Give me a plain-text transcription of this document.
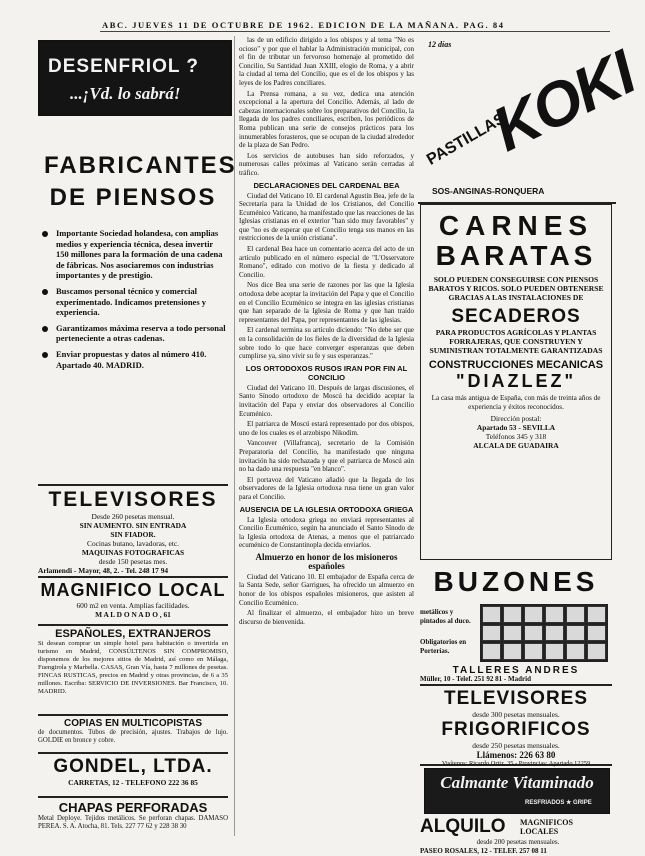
ABC. JUEVES 11 DE OCTUBRE DE 1962. EDICION DE LA MAÑANA. PAG. 84
DESENFRIOL ?
...¡Vd. lo sabrá!
FABRICANTES DE PIENSOS
Importante Sociedad holandesa, con amplias medios y experiencia técnica, desea invertir 150 millones para la formación de una cadena de fábricas. Nos asociaremos con industrias importantes y de prestigio.
Buscamos personal técnico y comercial experimentado. Indicamos pretensiones y experiencia.
Garantizamos máxima reserva a todo personal perteneciente a otras cadenas.
Enviar propuestas y datos al número 410. Apartado 40. MADRID.
TELEVISORES
Desde 260 pesetas mensual.
SIN AUMENTO. SIN ENTRADA
SIN FIADOR.
Cocinas butano, lavadoras, etc.
MAQUINAS FOTOGRAFICAS
desde 150 pesetas mes.
Arlamendi - Mayor, 48, 2. - Tel. 248 17 94
MAGNIFICO LOCAL
600 m2 en venta. Amplias facilidades.
M A L D O N A D O , 61
ESPAÑOLES, EXTRANJEROS
Si desean comprar un simple hotel para habitación o invertirla en turismo en Madrid, CONSÚLTENOS SIN COMPROMISO, disponemos de los mejores sitios de Madrid, así como en Málaga, Fuengirola y Marbella. CASAS, Gran Vía, hasta 7 millones de pesetas. FINCAS RUSTICAS, precios en Madrid y otras provincias, de 6 a 35 millones. Escriba: SERVICIO DE INVERSIONES. Bar Francisco, 10. MADRID.
COPIAS EN MULTICOPISTAS
de documentos. Tubos de precisión, ajustes. Trabajos de lujo. GOLDIE en bronce y cobre.
GONDEL, LTDA.
CARRETAS, 12 - TELEFONO 222 36 85
CHAPAS PERFORADAS
Metal Deploye. Tejidos metálicos. Se perforan chapas. DAMASO PEREA. S. A. Atocha, 81. Tels. 227 77 62 y 228 38 30

las de un edificio dirigido a los obispos y al tema "No es ocioso" y por que el hablar la Administración municipal, con el fin de tributar un fervoroso homenaje al prometido del Concilio, Su Santidad Juan XXIII, elogio de Roma, y a abrir la ciudad al tema del Concilio, que es el de los obispos y las leyes de los Padres conciliares.

La Prensa romana, a su vez, dedica una atención excepcional a la apertura del Concilio. Además, al lado de cabezas internacionales sobre los preparativos del Concilio, la llegada de los padres conciliares, escriben, los periódicos de Roma publican una serie de consejos prácticos para los innumerables forasteros, que se ocupan de la ciudad alrededor de la plaza de San Pedro.

Los servicios de autobuses han sido reforzados, y numerosas calles próximas al Vaticano serán cerradas al tráfico.

DECLARACIONES DEL CARDENAL BEA

Ciudad del Vaticano 10. El cardenal Agustín Bea, jefe de la Secretaría para la Unidad de los Cristianos, del Concilio Ecuménico Vaticano, ha manifestado que las reacciones de las Iglesias cristianas en el exterior "han sido muy favorables" y que "no es de esperar que el Concilio tenga sus manos en las restricciones de la unión cristiana".

El cardenal Bea hace un comentario acerca del acto de un artículo publicado en el número especial de "L'Osservatore Romano", editado con motivo de la fiesta y dedicado al Concilio.

Nos dice Bea una serie de razones por las que la Iglesia ortodoxa debe aceptar la invitación del Papa y que el Concilio en el Concilio Ecuménico se integra en las iglesias cristianas que han separado de la Iglesia de Roma y que han traído representantes del Papa, por representantes de las iglesias.

El cardenal termina su artículo diciendo: "No debe ser que en la consolidación de los fieles de la diversidad de la Iglesia sobre todo lo que hace converger esperanzas que deben cumplirse ya, sino vivir su fe y sus esperanzas."

LOS ORTODOXOS RUSOS IRAN POR FIN AL CONCILIO

Ciudad del Vaticano 10. Después de largas discusiones, el Santo Sínodo ortodoxo de Moscú ha decidido aceptar la invitación del Papa y enviar dos observadores al Concilio Ecuménico.

El patriarca de Moscú estará representado por dos obispos, uno de los cuales es el arzobispo Nikodim.

Vancouver (Villafranca), secretario de la Comisión Preparatoria del Concilio, ha manifestado que ninguna invitación ha sido rechazada y que el patriarca de Moscú aún no ha dado una respuesta "en blanco".

El portavoz del Vaticano añadió que la llegada de los observadores de la Iglesia ortodoxa rusa tiene un gran valor para el Concilio.

AUSENCIA DE LA IGLESIA ORTODOXA GRIEGA

La Iglesia ortodoxa griega no enviará representantes al Concilio Ecuménico, según ha anunciado el Santo Sínodo de la Iglesia ortodoxa de Atenas, a menos que el patriarcado ecuménico de Constantinopla decida enviarlos.

Almuerzo en honor de los misioneros españoles

Ciudad del Vaticano 10. El embajador de España cerca de la Santa Sede, señor Garrigues, ha ofrecido un almuerzo en honor de los obispos españoles misioneros, que asisten al Concilio Ecuménico.

Al finalizar el almuerzo, el embajador hizo un breve discurso de bienvenida.

12 días
PASTILLAS
KOKI
SOS-ANGINAS-RONQUERA
CARNES
BARATAS
SOLO PUEDEN CONSEGUIRSE CON PIENSOS BARATOS Y RICOS. SOLO PUEDEN OBTENERSE GRACIAS A LAS INSTALACIONES DE
SECADEROS
PARA PRODUCTOS AGRÍCOLAS Y PLANTAS FORRAJERAS, QUE CONSTRUYEN Y SUMINISTRAN TOTALMENTE GARANTIZADAS
CONSTRUCCIONES MECANICAS
"DIAZLEZ"
La casa más antigua de España, con más de treinta años de experiencia y éxitos reconocidos.
Dirección postal:
Apartado 53 - SEVILLA
Teléfonos 345 y 318
ALCALA DE GUADAIRA
BUZONES
metálicos y pintados al duco.
Obligatorios en Porterías.
TALLERES ANDRES
Müller, 10 - Telef. 251 92 81 - Madrid
TELEVISORES
desde 300 pesetas mensuales.
FRIGORIFICOS
desde 250 pesetas mensuales.
Llámenos: 226 63 80
Visítenos: Ricardo Ortiz, 35 - Provincias: Apartado 12259
Calmante Vitaminado
RESFRIADOS ★ GRIPE
ALQUILO MAGNIFICOS LOCALES
desde 200 pesetas mensuales.
PASEO ROSALES, 12 - TELEF. 257 08 11
